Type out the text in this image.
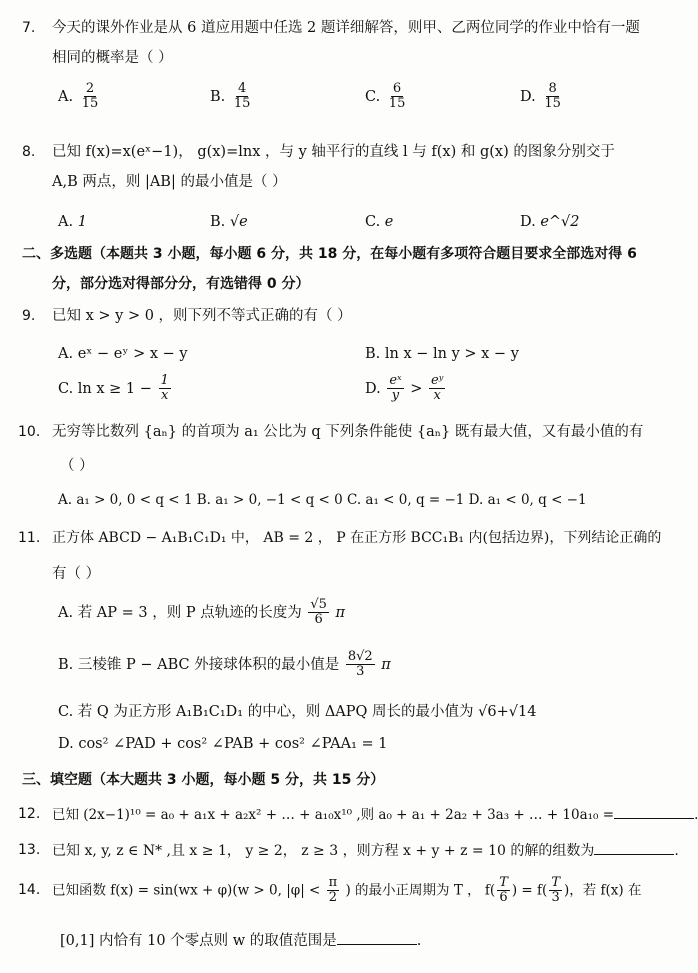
7. 今天的课外作业是从 6 道应用题中任选 2 题详细解答，则甲、乙两位同学的作业中恰有一题
相同的概率是（ ）
A. $\frac{2}{15}$	B. $\frac{4}{15}$	C. $\frac{6}{15}$	D. $\frac{8}{15}$
8. 已知 f(x)=x(eˣ−1)， g(x)=lnx ，与 y 轴平行的直线 l 与 f(x) 和 g(x) 的图象分别交于
A,B 两点，则 |AB| 的最小值是（ ）
A. 1	B. √e	C. e	D. e^√2
二、多选题（本题共 3 小题，每小题 6 分，共 18 分，在每小题有多项符合题目要求全部选对得 6
分，部分选对得部分分，有选错得 0 分）
9. 已知 x > y > 0 ，则下列不等式正确的有（ ）
A. eˣ − eʸ > x − y	B. ln x − ln y > x − y
C. $\ln x \ge 1 - \frac{1}{x}$	D. $\frac{\text{eˣ}}{y} > \frac{\text{eʸ}}{x}$
10. 无穷等比数列 {aₙ} 的首项为 a₁ 公比为 q 下列条件能使 {aₙ} 既有最大值，又有最小值的有
（ ）
A. a₁ > 0, 0 < q < 1 B. a₁ > 0, −1 < q < 0 C. a₁ < 0, q = −1 D. a₁ < 0, q < −1
11. 正方体 ABCD − A₁B₁C₁D₁ 中， AB = 2 ， P 在正方形 BCC₁B₁ 内(包括边界)，下列结论正确的
有（ ）
A. 若 AP = 3 ，则 P 点轨迹的长度为 $\frac{√5}{6}$ π
B. 三棱锥 P − ABC 外接球体积的最小值是 $\frac{8√2}{3}$ π
C. 若 Q 为正方形 A₁B₁C₁D₁ 的中心，则 ΔAPQ 周长的最小值为 √6+√14
D. cos² ∠PAD + cos² ∠PAB + cos² ∠PAA₁ = 1
三、填空题（本大题共 3 小题，每小题 5 分，共 15 分）
12. 已知 (2x−1)¹⁰ = a₀ + a₁x + a₂x² + … + a₁₀x¹⁰ ,则 a₀ + a₁ + 2a₂ + 3a₃ + … + 10a₁₀ =	.
13. 已知 x, y, z ∈ N* ,且 x ≥ 1， y ≥ 2， z ≥ 3 ，则方程 x + y + z = 10 的解的组数为	.
14. 已知函数 f(x) = sin(wx + φ)(w > 0, $|\varphi| < \frac{\pi}{2}$ ) 的最小正周期为 T ， $f( \frac{T}{6}$ ) = $f( \frac{T}{3}$ )，若 f(x) 在
[0,1] 内恰有 10 个零点则 w 的取值范围是	.
